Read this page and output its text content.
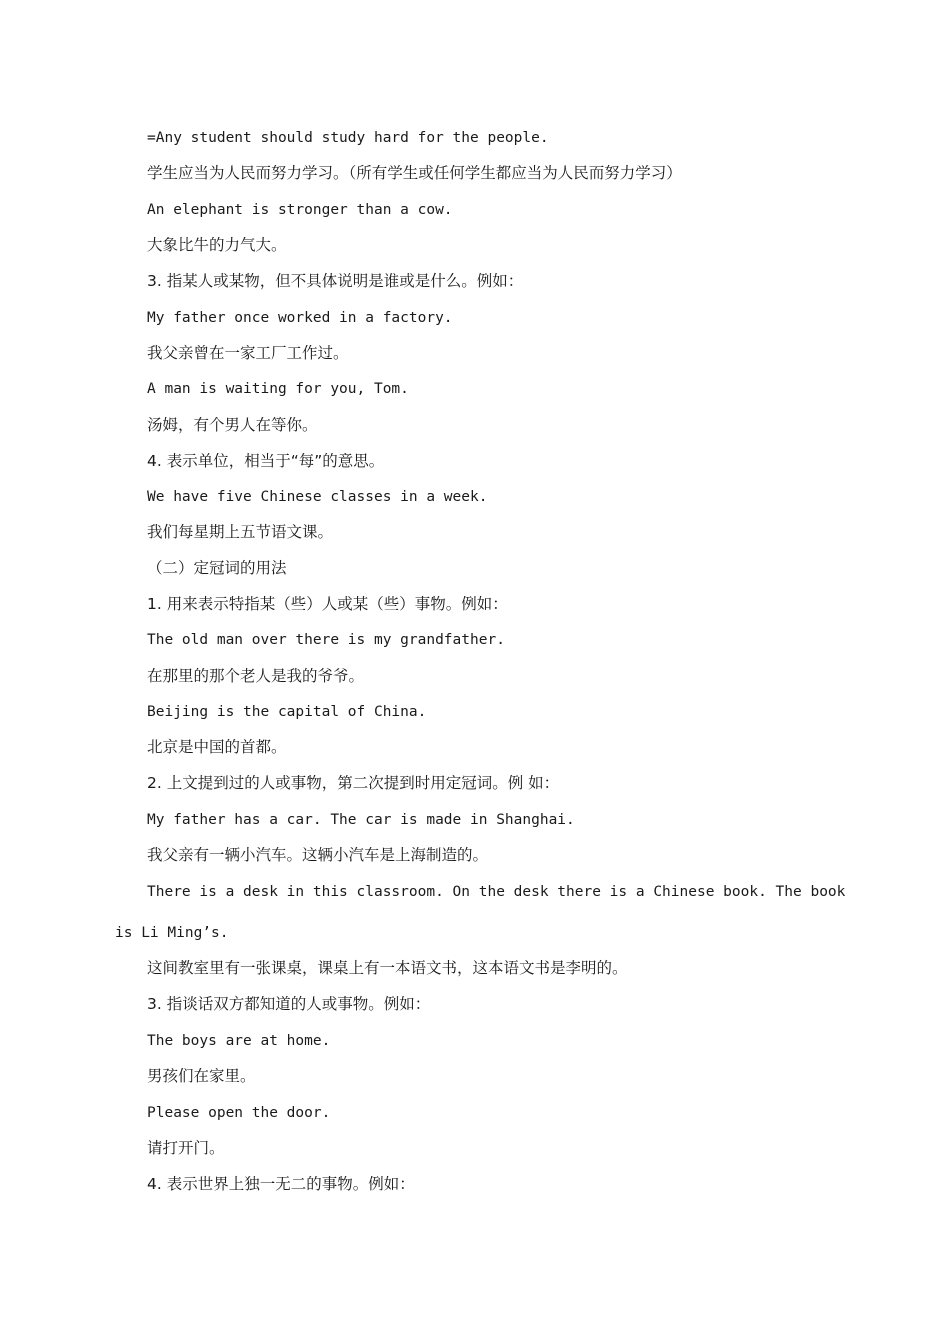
=Any student should study hard for the people.
学生应当为人民而努力学习。（所有学生或任何学生都应当为人民而努力学习）
An elephant is stronger than a cow.
大象比牛的力气大。
3. 指某人或某物，但不具体说明是谁或是什么。例如：
My father once worked in a factory.
我父亲曾在一家工厂工作过。
A man is waiting for you, Tom.
汤姆，有个男人在等你。
4. 表示单位，相当于“每”的意思。
We have five Chinese classes in a week.
我们每星期上五节语文课。
（二）定冠词的用法
1. 用来表示特指某（些）人或某（些）事物。例如：
The old man over there is my grandfather.
在那里的那个老人是我的爷爷。
Beijing is the capital of China.
北京是中国的首都。
2. 上文提到过的人或事物，第二次提到时用定冠词。例 如：
My father has a car. The car is made in Shanghai.
我父亲有一辆小汽车。这辆小汽车是上海制造的。
There is a desk in this classroom. On the desk there is a Chinese book. The book
is Li Ming’s.
这间教室里有一张课桌，课桌上有一本语文书，这本语文书是李明的。
3. 指谈话双方都知道的人或事物。例如：
The boys are at home.
男孩们在家里。
Please open the door.
请打开门。
4. 表示世界上独一无二的事物。例如：
